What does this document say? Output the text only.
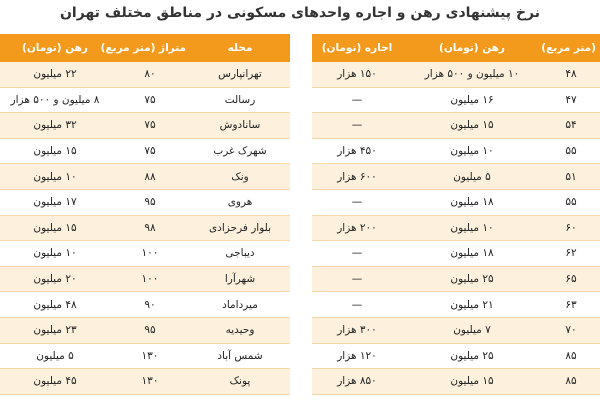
نرخ پیشنهادی رهن و اجاره واحدهای مسکونی در مناطق مختلف تهران
محله	متراژ (متر مربع)	رهن (تومان)
تهرانپارس	۸۰	۲۲ میلیون
رسالت	۷۵	۸ میلیون و ۵۰۰ هزار
سانادوش	۷۵	۳۲ میلیون
شهرک غرب	۷۵	۱۵ میلیون
ونک	۸۸	۱۰ میلیون
هروی	۹۵	۱۷ میلیون
بلوار فرحزادی	۹۸	۱۵ میلیون
دیباجی	۱۰۰	۱۰ میلیون
شهرآرا	۱۰۰	۲۰ میلیون
میرداماد	۹۰	۴۸ میلیون
وحیدیه	۹۵	۲۳ میلیون
شمس آباد	۱۳۰	۵ میلیون
پونک	۱۳۰	۴۵ میلیون
(متر مربع)	رهن (تومان)	اجاره (تومان)
۴۸	۱۰ میلیون و ۵۰۰ هزار	۱۵۰ هزار
۴۷	۱۶ میلیون	—
۵۴	۱۵ میلیون	—
۵۵	۱۰ میلیون	۴۵۰ هزار
۵۱	۵ میلیون	۶۰۰ هزار
۵۵	۱۸ میلیون	—
۶۰	۱۰ میلیون	۲۰۰ هزار
۶۲	۱۸ میلیون	—
۶۵	۲۵ میلیون	—
۶۳	۲۱ میلیون	—
۷۰	۷ میلیون	۳۰۰ هزار
۸۵	۲۵ میلیون	۱۲۰ هزار
۸۵	۱۵ میلیون	۸۵۰ هزار
